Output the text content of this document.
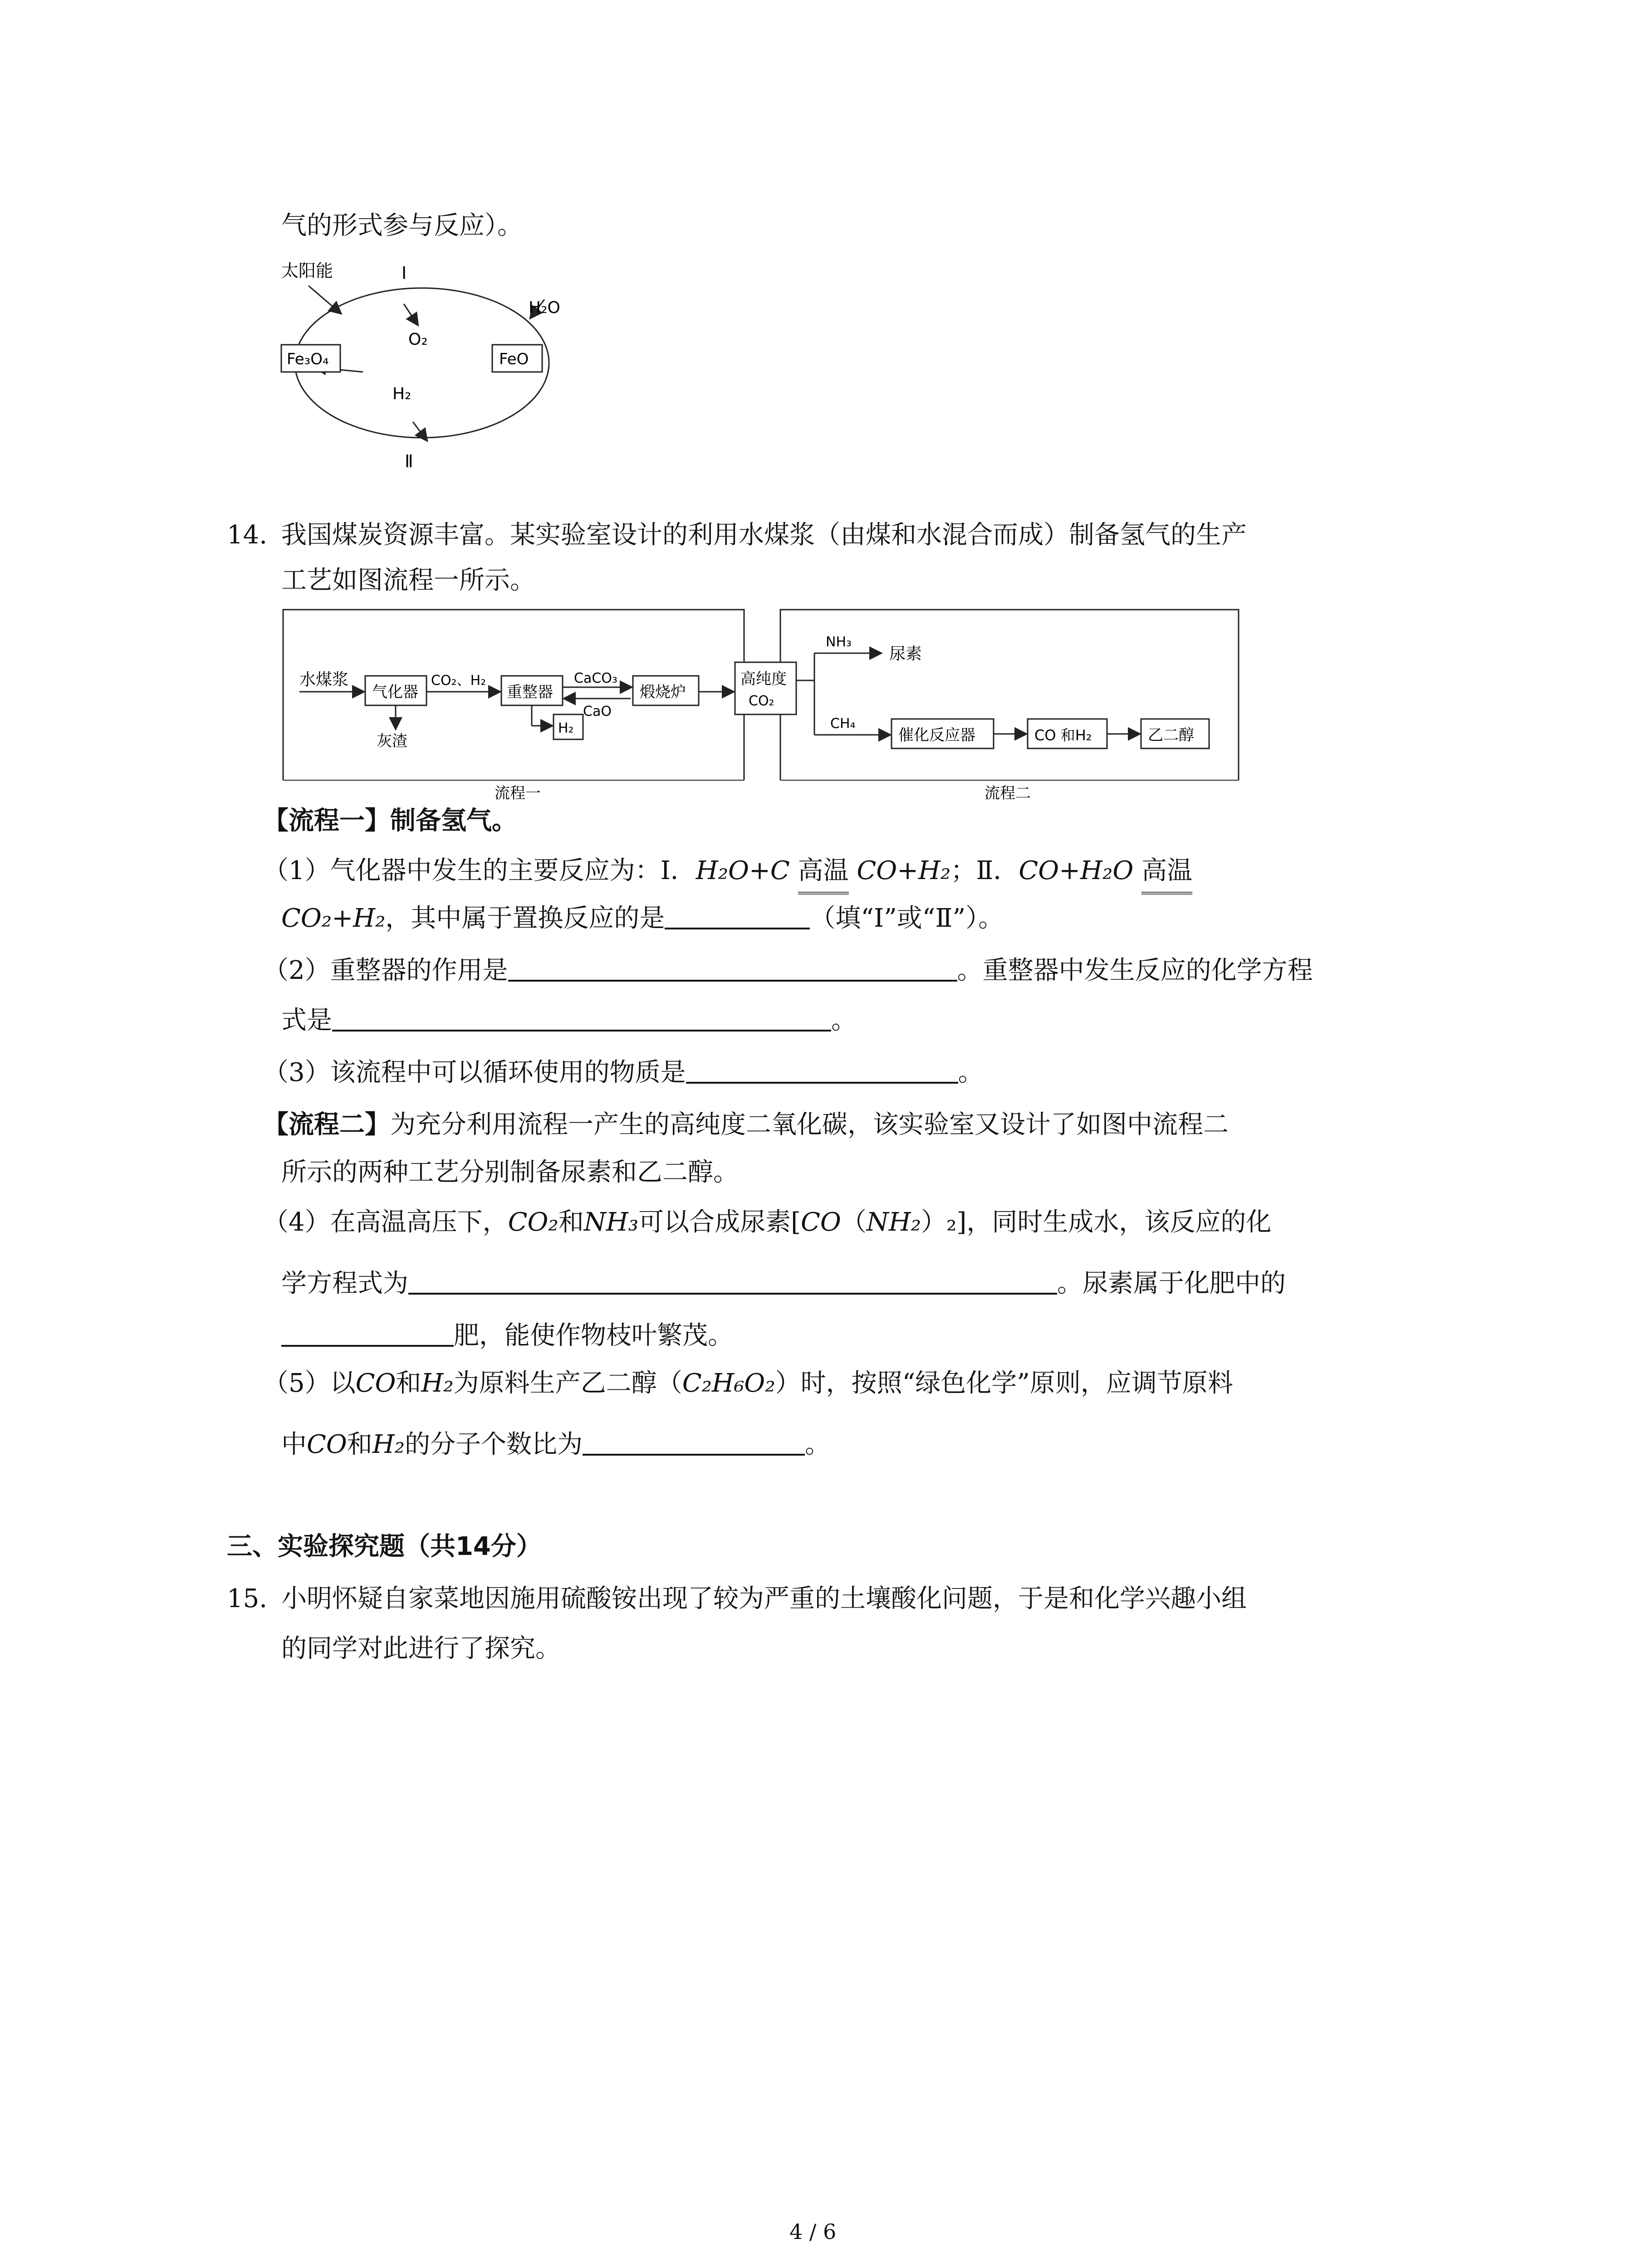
气的形式参与反应）。
太阳能	Ⅰ
O₂
H₂O
Fe₃O₄	FeO
H₂
Ⅱ
14. 我国煤炭资源丰富。某实验室设计的利用水煤浆（由煤和水混合而成）制备氢气的生产
工艺如图流程一所示。
水煤浆
气化器
灰渣
CO₂、H₂
重整器
H₂
CaCO₃
CaO
煅烧炉
高纯度
CO₂
NH₃
尿素
CH₄
催化反应器	CO 和H₂	乙二醇
流程一	流程二
【流程一】制备氢气。
（1）气化器中发生的主要反应为：Ⅰ．H₂O+C 高温 CO+H₂；Ⅱ．CO+H₂O 高温
CO₂+H₂，其中属于置换反应的是	（填“Ⅰ”或“Ⅱ”）。
（2）重整器的作用是	。重整器中发生反应的化学方程
式是	。
（3）该流程中可以循环使用的物质是	。
【流程二】为充分利用流程一产生的高纯度二氧化碳，该实验室又设计了如图中流程二
所示的两种工艺分别制备尿素和乙二醇。
（4）在高温高压下，CO₂和NH₃可以合成尿素[CO（NH₂）₂]，同时生成水，该反应的化
学方程式为	。尿素属于化肥中的
肥，能使作物枝叶繁茂。
（5）以CO和H₂为原料生产乙二醇（C₂H₆O₂）时，按照“绿色化学”原则，应调节原料
中CO和H₂的分子个数比为	。
三、实验探究题（共14分）
15. 小明怀疑自家菜地因施用硫酸铵出现了较为严重的土壤酸化问题，于是和化学兴趣小组
的同学对此进行了探究。
4 / 6
